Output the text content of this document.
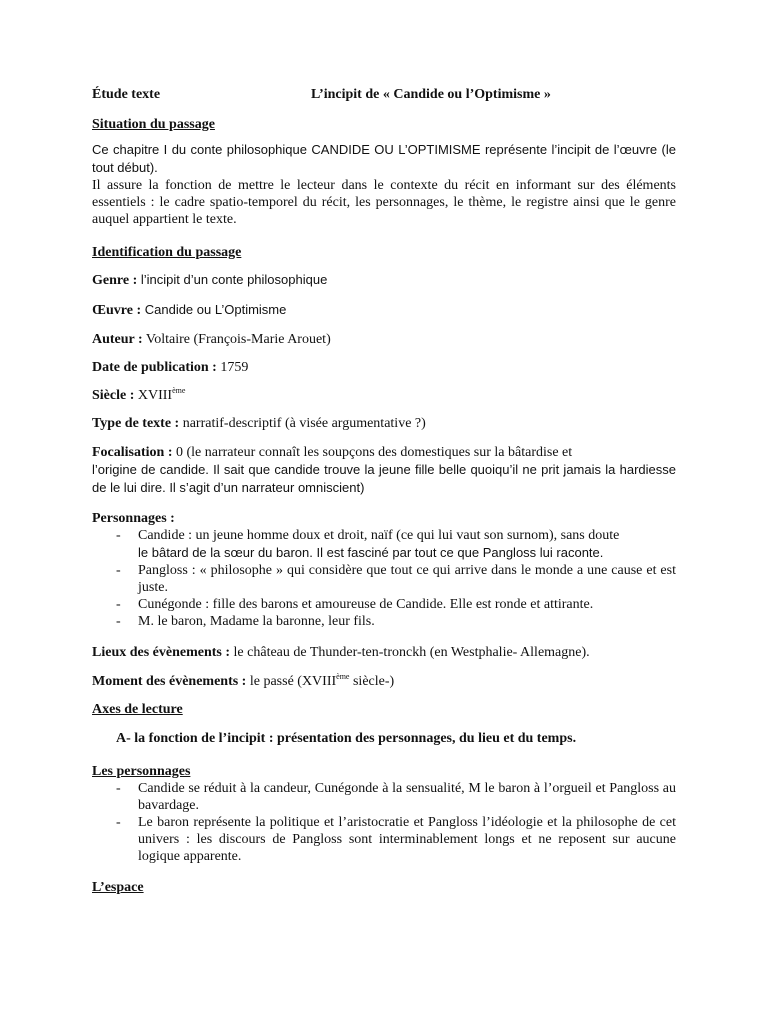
Étude texte	L’incipit de « Candide ou l’Optimisme »
Situation du passage

Ce chapitre I du conte philosophique CANDIDE OU L’OPTIMISME représente l’incipit de l’œuvre (le tout début).

Il assure la fonction de mettre le lecteur dans le contexte du récit en informant sur des éléments essentiels : le cadre spatio-temporel du récit, les personnages, le thème, le registre ainsi que le genre auquel appartient le texte.

Identification du passage

Genre : l’incipit d’un conte philosophique

Œuvre : Candide ou L’Optimisme

Auteur : Voltaire (François-Marie Arouet)

Date de publication : 1759

Siècle : XVIIIème

Type de texte : narratif-descriptif (à visée argumentative ?)

Focalisation : 0 (le narrateur connaît les soupçons des domestiques sur la bâtardise et
l’origine de candide. Il sait que candide trouve la jeune fille belle quoiqu’il ne prit jamais la hardiesse de le lui dire. Il s’agit d’un narrateur omniscient)

Personnages :

- Candide : un jeune homme doux et droit, naïf (ce qui lui vaut son surnom), sans doute
le bâtard de la sœur du baron. Il est fasciné par tout ce que Pangloss lui raconte.
- Pangloss : « philosophe » qui considère que tout ce qui arrive dans le monde a une cause et est juste.
- Cunégonde : fille des barons et amoureuse de Candide. Elle est ronde et attirante.
- M. le baron, Madame la baronne, leur fils.

Lieux des évènements : le château de Thunder-ten-tronckh (en Westphalie- Allemagne).

Moment des évènements : le passé (XVIIIème siècle-)

Axes de lecture

A- la fonction de l’incipit : présentation des personnages, du lieu et du temps.

Les personnages
- Candide se réduit à la candeur, Cunégonde à la sensualité, M le baron à l’orgueil et Pangloss au bavardage.
- Le baron représente la politique et l’aristocratie et Pangloss l’idéologie et la philosophe de cet univers : les discours de Pangloss sont interminablement longs et ne reposent sur aucune logique apparente.
L’espace
